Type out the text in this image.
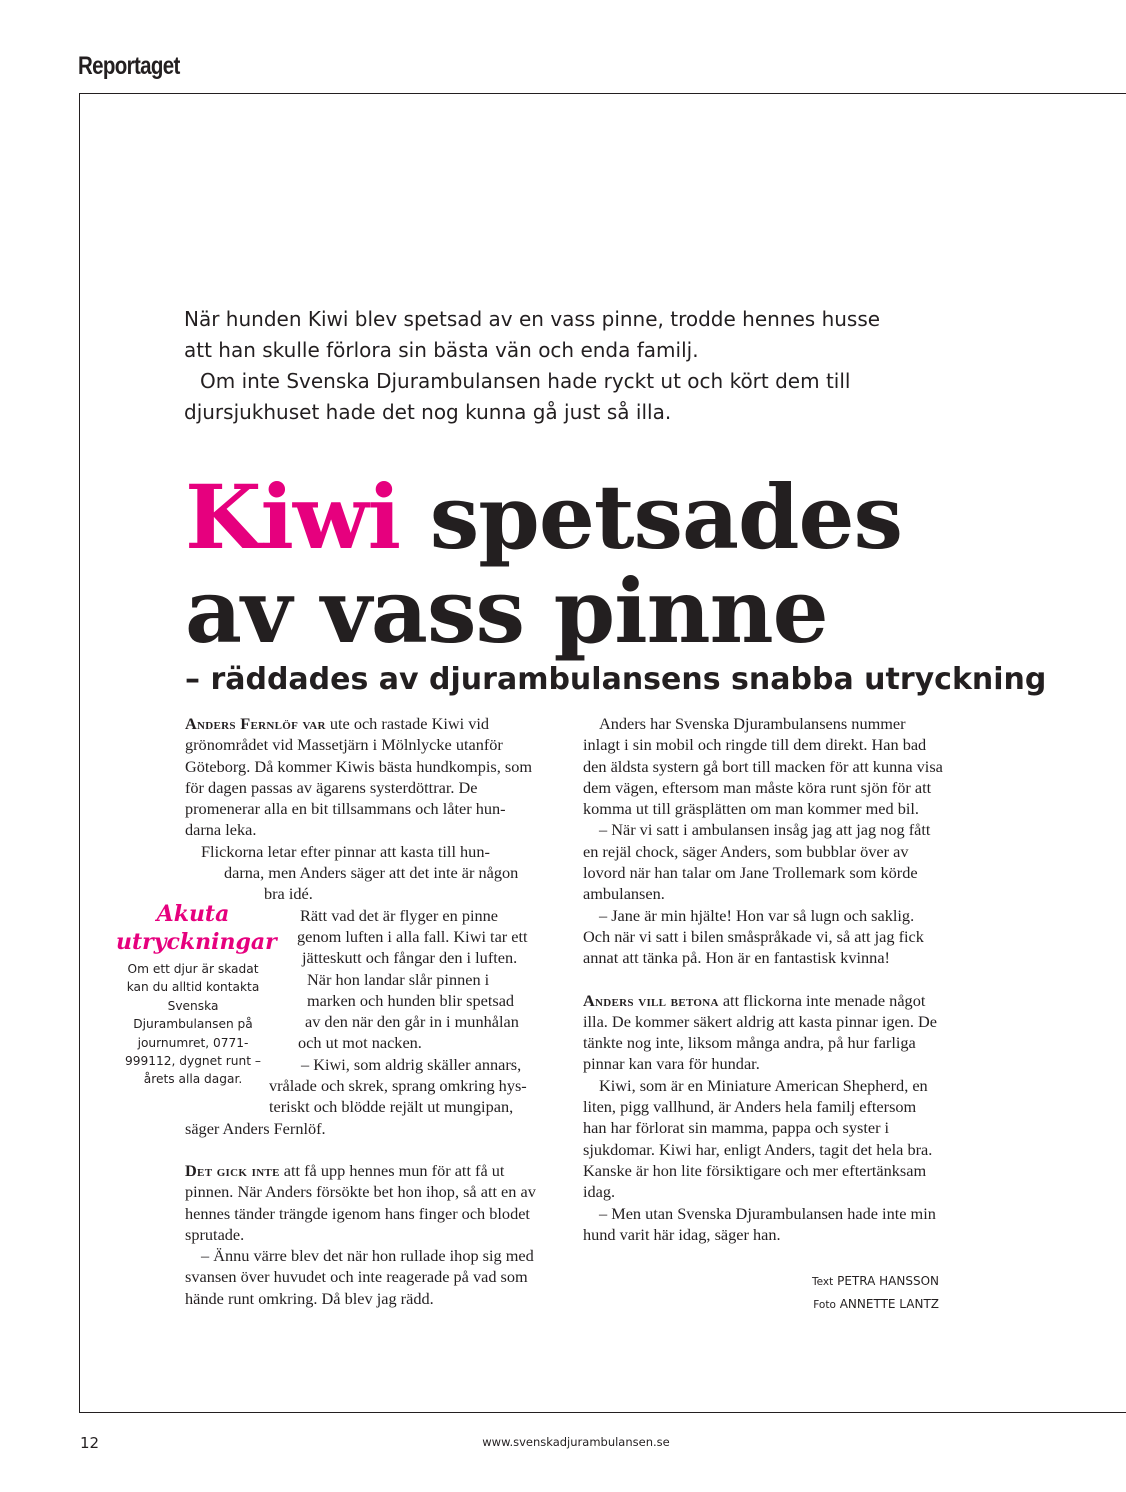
Reportaget

När hunden Kiwi blev spetsad av en vass pinne, trodde hennes husse att han skulle förlora sin bästa vän och enda familj.

Om inte Svenska Djurambulansen hade ryckt ut och kört dem till djursjukhuset hade det nog kunna gå just så illa.

Kiwi spetsades
av vass pinne
– räddades av djurambulansens snabba utryckning

Anders Fernlöf var ute och rastade Kiwi vid grönområdet vid Massetjärn i Mölnlycke utanför Göteborg. Då kommer Kiwis bästa hundkompis, som för dagen passas av ägarens systerdöttrar. De promenerar alla en bit tillsammans och låter hun-darna leka.

Flickorna letar efter pinnar att kasta till hun-
darna, men Anders säger att det inte är någon
bra idé.

Rätt vad det är flyger en pinne
genom luften i alla fall. Kiwi tar ett
jätteskutt och fångar den i luften.
När hon landar slår pinnen i
marken och hunden blir spetsad
av den när den går in i munhålan
och ut mot nacken.

– Kiwi, som aldrig skäller annars,
vrålade och skrek, sprang omkring hys-
teriskt och blödde rejält ut mungipan,
säger Anders Fernlöf.

Det gick inte att få upp hennes mun för att få ut pinnen. När Anders försökte bet hon ihop, så att en av hennes tänder trängde igenom hans finger och blodet sprutade.

– Ännu värre blev det när hon rullade ihop sig med svansen över huvudet och inte reagerade på vad som hände runt omkring. Då blev jag rädd.

Akuta utryckningar

Om ett djur är skadat kan du alltid kontakta Svenska Djurambulansen på journumret, 0771-999112, dygnet runt – årets alla dagar.

Anders har Svenska Djurambulansens nummer inlagt i sin mobil och ringde till dem direkt. Han bad den äldsta systern gå bort till macken för att kunna visa dem vägen, eftersom man måste köra runt sjön för att komma ut till gräsplätten om man kommer med bil.

– När vi satt i ambulansen insåg jag att jag nog fått en rejäl chock, säger Anders, som bubblar över av lovord när han talar om Jane Trollemark som körde ambulansen.

– Jane är min hjälte! Hon var så lugn och saklig. Och när vi satt i bilen småspråkade vi, så att jag fick annat att tänka på. Hon är en fantastisk kvinna!

Anders vill betona att flickorna inte menade något illa. De kommer säkert aldrig att kasta pinnar igen. De tänkte nog inte, liksom många andra, på hur farliga pinnar kan vara för hundar.

Kiwi, som är en Miniature American Shepherd, en liten, pigg vallhund, är Anders hela familj eftersom han har förlorat sin mamma, pappa och syster i sjukdomar. Kiwi har, enligt Anders, tagit det hela bra. Kanske är hon lite försiktigare och mer eftertänksam idag.

– Men utan Svenska Djurambulansen hade inte min hund varit här idag, säger han.

Text PETRA HANSSON
Foto ANNETTE LANTZ
12	www.svenskadjurambulansen.se
